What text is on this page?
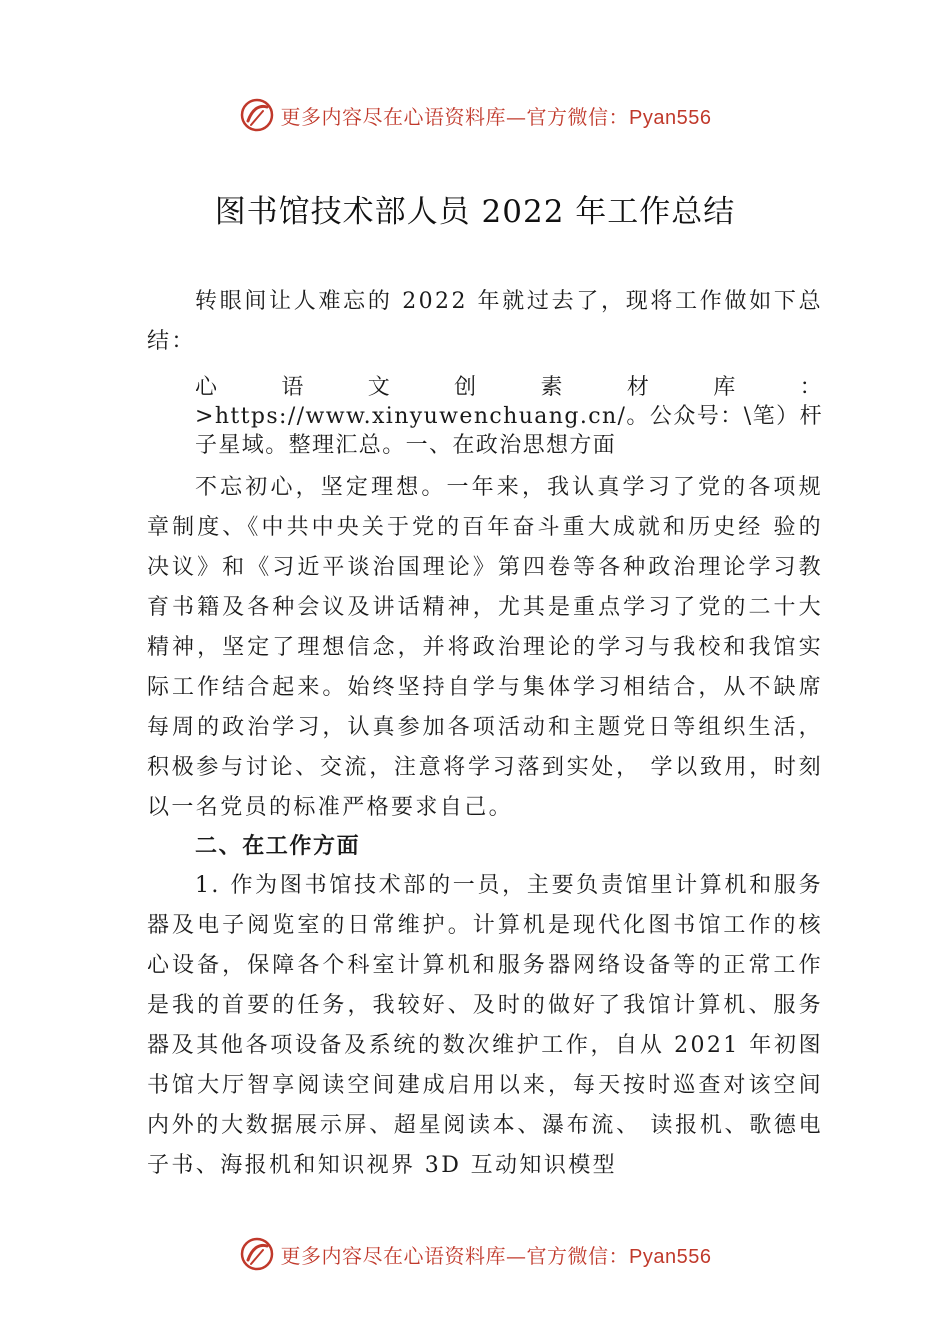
更多内容尽在心语资料库—官方微信：Pyan556
图书馆技术部人员 2022 年工作总结

转眼间让人难忘的 2022 年就过去了，现将工作做如下总结：

心语文创素材库：>https://www.xinyuwenchuang.cn/。公众号：\笔）杆子星域。整理汇总。一、在政治思想方面

不忘初心，坚定理想。一年来，我认真学习了党的各项规章制度、《中共中央关于党的百年奋斗重大成就和历史经 验的决议》和《习近平谈治国理论》第四卷等各种政治理论学习教育书籍及各种会议及讲话精神，尤其是重点学习了党的二十大精神，坚定了理想信念，并将政治理论的学习与我校和我馆实际工作结合起来。始终坚持自学与集体学习相结合，从不缺席每周的政治学习，认真参加各项活动和主题党日等组织生活，积极参与讨论、交流，注意将学习落到实处， 学以致用，时刻以一名党员的标准严格要求自己。

二、在工作方面

1. 作为图书馆技术部的一员，主要负责馆里计算机和服务器及电子阅览室的日常维护。计算机是现代化图书馆工作的核心设备，保障各个科室计算机和服务器网络设备等的正常工作是我的首要的任务，我较好、及时的做好了我馆计算机、服务器及其他各项设备及系统的数次维护工作，自从 2021 年初图书馆大厅智享阅读空间建成启用以来，每天按时巡查对该空间内外的大数据展示屏、超星阅读本、瀑布流、 读报机、歌德电子书、海报机和知识视界 3D 互动知识模型

更多内容尽在心语资料库—官方微信：Pyan556
